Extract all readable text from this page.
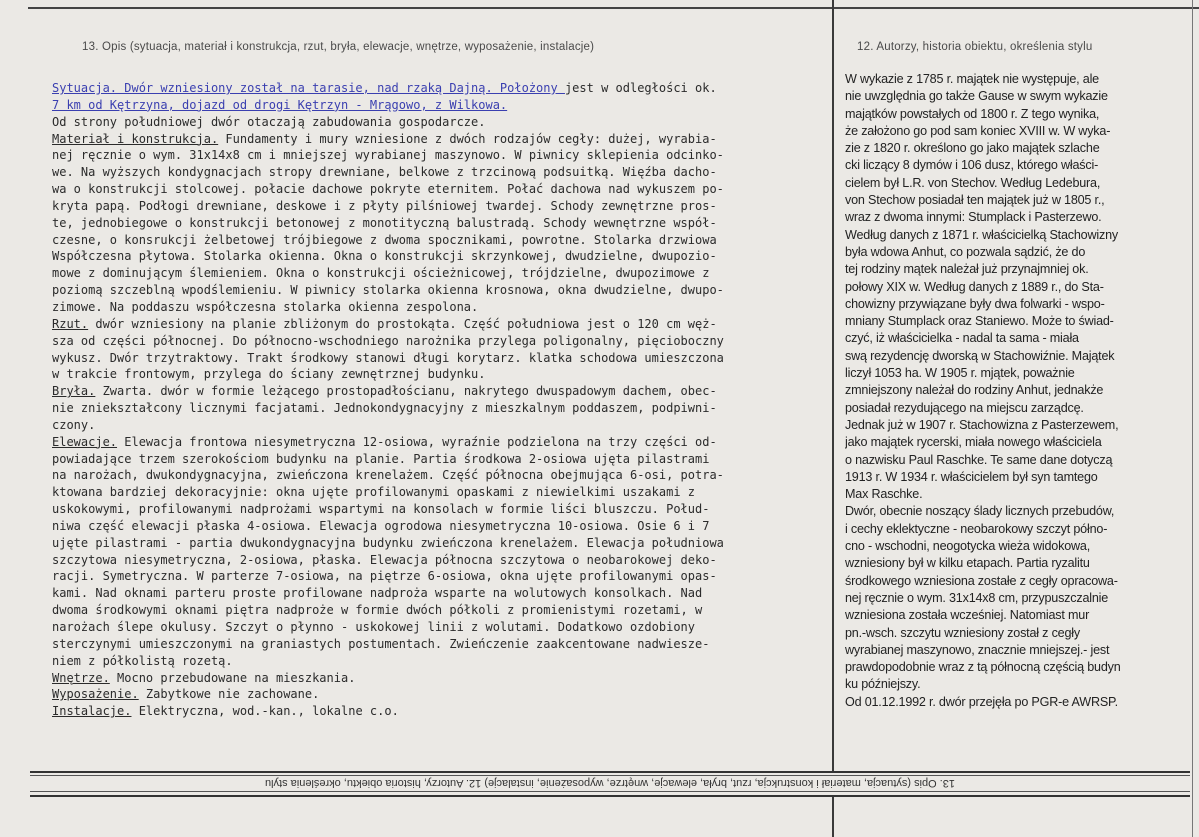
13. Opis (sytuacja, materiał i konstrukcja, rzut, bryła, elewacje, wnętrze, wyposażenie, instalacje)	12. Autorzy, historia obiektu, określenia stylu
Sytuacja. Dwór wzniesiony został na tarasie, nad rzaką Dajną. Położony jest w odległości ok.
7 km od Kętrzyna, dojazd od drogi Kętrzyn - Mrągowo, z Wilkowa.
Od strony południowej dwór otaczają zabudowania gospodarcze.
Materiał i konstrukcja. Fundamenty i mury wzniesione z dwóch rodzajów cegły: dużej, wyrabia-
nej ręcznie o wym. 31x14x8 cm i mniejszej wyrabianej maszynowo. W piwnicy sklepienia odcinko-
we. Na wyższych kondygnacjach stropy drewniane, belkowe z trzcinową podsuitką. Więźba dacho-
wa o konstrukcji stolcowej. połacie dachowe pokryte eternitem. Połać dachowa nad wykuszem po-
kryta papą. Podłogi drewniane, deskowe i z płyty pilśniowej twardej. Schody zewnętrzne pros-
te, jednobiegowe o konstrukcji betonowej z monotityczną balustradą. Schody wewnętrzne współ-
czesne, o konsrukcji żelbetowej trójbiegowe z dwoma spocznikami, powrotne. Stolarka drzwiowa
Współczesna płytowa. Stolarka okienna. Okna o konstrukcji skrzynkowej, dwudzielne, dwupozio-
mowe z dominującym ślemieniem. Okna o konstrukcji ościeżnicowej, trójdzielne, dwupozimowe z
poziomą szczeblną wpodślemieniu. W piwnicy stolarka okienna krosnowa, okna dwudzielne, dwupo-
zimowe. Na poddaszu współczesna stolarka okienna zespolona.
Rzut. dwór wzniesiony na planie zbliżonym do prostokąta. Część południowa jest o 120 cm węż-
sza od części północnej. Do północno-wschodniego narożnika przylega poligonalny, pięcioboczny
wykusz. Dwór trzytraktowy. Trakt środkowy stanowi długi korytarz. klatka schodowa umieszczona
w trakcie frontowym, przylega do ściany zewnętrznej budynku.
Bryła. Zwarta. dwór w formie leżącego prostopadłościanu, nakrytego dwuspadowym dachem, obec-
nie zniekształcony licznymi facjatami. Jednokondygnacyjny z mieszkalnym poddaszem, podpiwni-
czony.
Elewacje. Elewacja frontowa niesymetryczna 12-osiowa, wyraźnie podzielona na trzy części od-
powiadające trzem szerokościom budynku na planie. Partia środkowa 2-osiowa ujęta pilastrami
na narożach, dwukondygnacyjna, zwieńczona krenelażem. Część północna obejmująca 6-osi, potra-
ktowana bardziej dekoracyjnie: okna ujęte profilowanymi opaskami z niewielkimi uszakami z
uskokowymi, profilowanymi nadprożami wspartymi na konsolach w formie liści bluszczu. Połud-
niwa część elewacji płaska 4-osiowa. Elewacja ogrodowa niesymetryczna 10-osiowa. Osie 6 i 7
ujęte pilastrami - partia dwukondygnacyjna budynku zwieńczona krenelażem. Elewacja południowa
szczytowa niesymetryczna, 2-osiowa, płaska. Elewacja północna szczytowa o neobarokowej deko-
racji. Symetryczna. W parterze 7-osiowa, na piętrze 6-osiowa, okna ujęte profilowanymi opas-
kami. Nad oknami parteru proste profilowane nadproża wsparte na wolutowych konsolkach. Nad
dwoma środkowymi oknami piętra nadproże w formie dwóch półkoli z promienistymi rozetami, w
narożach ślepe okulusy. Szczyt o płynno - uskokowej linii z wolutami. Dodatkowo ozdobiony
sterczynymi umieszczonymi na graniastych postumentach. Zwieńczenie zaakcentowane nadwiesze-
niem z półkolistą rozetą.
Wnętrze. Mocno przebudowane na mieszkania.
Wyposażenie. Zabytkowe nie zachowane.
Instalacje. Elektryczna, wod.-kan., lokalne c.o.
W wykazie z 1785 r. majątek nie występuje, ale
nie uwzględnia go także Gause w swym wykazie
majątków powstałych od 1800 r. Z tego wynika,
że założono go pod sam koniec XVIII w. W wyka-
zie z 1820 r. określono go jako majątek szlache
cki liczący 8 dymów i 106 dusz, którego właści-
cielem był L.R. von Stechov. Według Ledebura,
von Stechow posiadał ten majątek już w 1805 r.,
wraz z dwoma innymi: Stumplack i Pasterzewo.
Według danych z 1871 r. właścicielką Stachowizny
była wdowa Anhut, co pozwala sądzić, że do
tej rodziny mątek należał już przynajmniej ok.
połowy XIX w. Według danych z 1889 r., do Sta-
chowizny przywiązane były dwa folwarki - wspo-
mniany Stumplack oraz Staniewo. Może to świad-
czyć, iż właścicielka - nadal ta sama - miała
swą rezydencję dworską w Stachowiźnie. Majątek
liczył 1053 ha. W 1905 r. mjątek, poważnie
zmniejszony należał do rodziny Anhut, jednakże
posiadał rezydującego na miejscu zarządcę.
Jednak już w 1907 r. Stachowizna z Pasterzewem,
jako majątek rycerski, miała nowego właściciela
o nazwisku Paul Raschke. Te same dane dotyczą
1913 r. W 1934 r. właścicielem był syn tamtego
Max Raschke.
Dwór, obecnie noszący ślady licznych przebudów,
i cechy eklektyczne - neobarokowy szczyt półno-
cno - wschodni, neogotycka wieża widokowa,
wzniesiony był w kilku etapach. Partia ryzalitu
środkowego wzniesiona zostałe z cegły opracowa-
nej ręcznie o wym. 31x14x8 cm, przypuszczalnie
wzniesiona została wcześniej. Natomiast mur
pn.-wsch. szczytu wzniesiony został z cegły
wyrabianej maszynowo, znacznie mniejszej.- jest
prawdopodobnie wraz z tą północną częścią budyn
ku późniejszy.
Od 01.12.1992 r. dwór przejęła po PGR-e AWRSP.
13. Opis (sytuacja, materiał i konstrukcja, rzut, bryła, elewacje, wnętrze, wyposażenie, instalacje) 12. Autorzy, historia obiektu, określenia stylu
